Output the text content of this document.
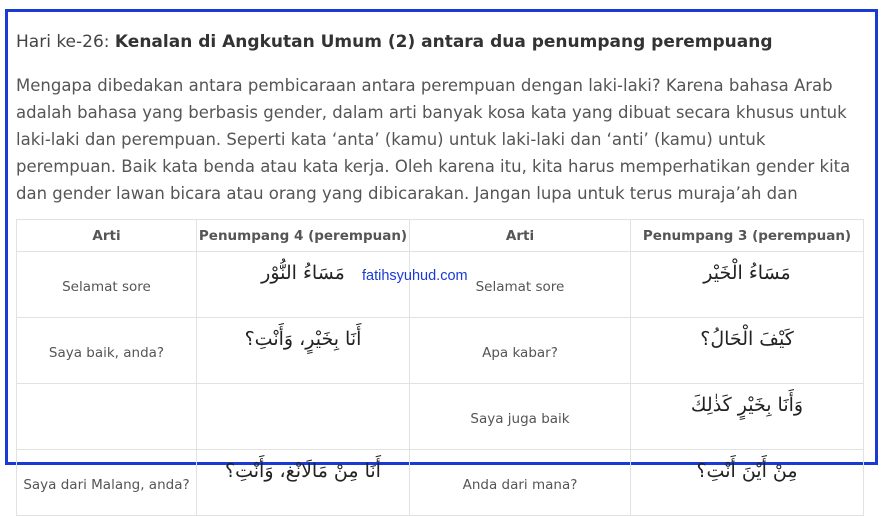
Hari ke-26: Kenalan di Angkutan Umum (2) antara dua penumpang perempuang

Mengapa dibedakan antara pembicaraan antara perempuan dengan laki-laki? Karena bahasa Arab
adalah bahasa yang berbasis gender, dalam arti banyak kosa kata yang dibuat secara khusus untuk
laki-laki dan perempuan. Seperti kata ‘anta’ (kamu) untuk laki-laki dan ‘anti’ (kamu) untuk
perempuan. Baik kata benda atau kata kerja. Oleh karena itu, kita harus memperhatikan gender kita
dan gender lawan bicara atau orang yang dibicarakan. Jangan lupa untuk terus muraja’ah dan

Arti	Penumpang 4 (perempuan)	Arti	Penumpang 3 (perempuan)
Selamat sore	مَسَاءُ النُّوْر	Selamat sore	مَسَاءُ الْخَيْر
Saya baik, anda?	أَنَا بِخَيْرٍ، وَأَنْتِ؟	Apa kabar?	كَيْفَ الْحَالُ؟
		Saya juga baik	وَأَنَا بِخَيْرٍ كَذٰلِكَ
Saya dari Malang, anda?	أَنَا مِنْ مَالَانْغ، وَأَنْتِ؟	Anda dari mana?	مِنْ أَيْنَ أَنْتِ؟
fatihsyuhud.com
